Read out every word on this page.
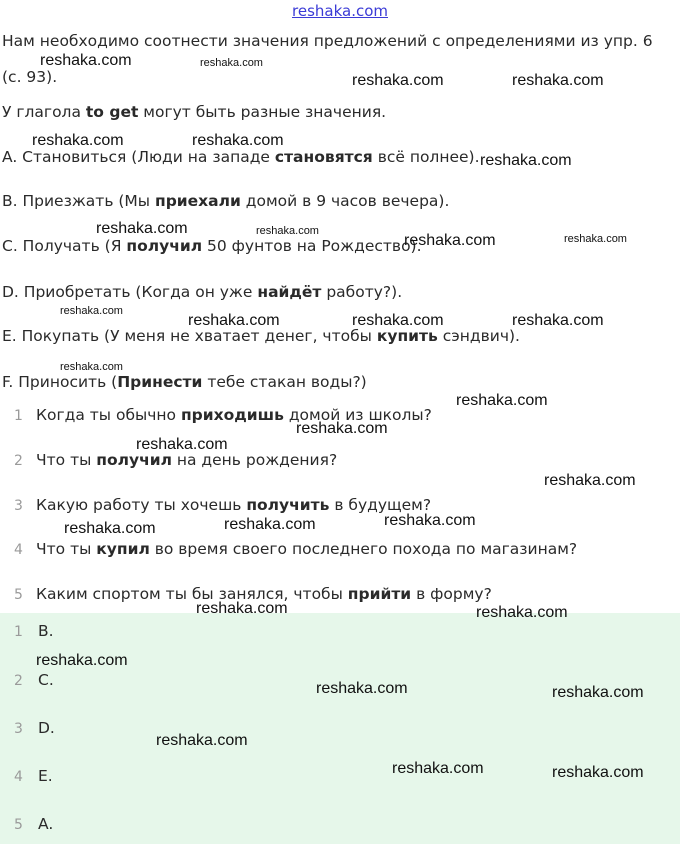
reshaka.com
Нам необходимо соотнести значения предложений с определениями из упр. 6
(с. 93).
У глагола to get могут быть разные значения.
A. Становиться (Люди на западе становятся всё полнее).
B. Приезжать (Мы приехали домой в 9 часов вечера).
C. Получать (Я получил 50 фунтов на Рождество).
D. Приобретать (Когда он уже найдёт работу?).
E. Покупать (У меня не хватает денег, чтобы купить сэндвич).
F. Приносить (Принести тебе стакан воды?)
1 Когда ты обычно приходишь домой из школы?
2 Что ты получил на день рождения?
3 Какую работу ты хочешь получить в будущем?
4 Что ты купил во время своего последнего похода по магазинам?
5 Каким спортом ты бы занялся, чтобы прийти в форму?
1 B.
2 C.
3 D.
4 E.
5 A.
reshaka.com	reshaka.com
reshaka.com	reshaka.com
reshaka.com	reshaka.com
reshaka.com
reshaka.com	reshaka.com
reshaka.com	reshaka.com
reshaka.com
reshaka.com	reshaka.com	reshaka.com
reshaka.com
reshaka.com
reshaka.com
reshaka.com
reshaka.com
reshaka.com
reshaka.com
reshaka.com
reshaka.com	reshaka.com
reshaka.com
reshaka.com	reshaka.com
reshaka.com
reshaka.com	reshaka.com
